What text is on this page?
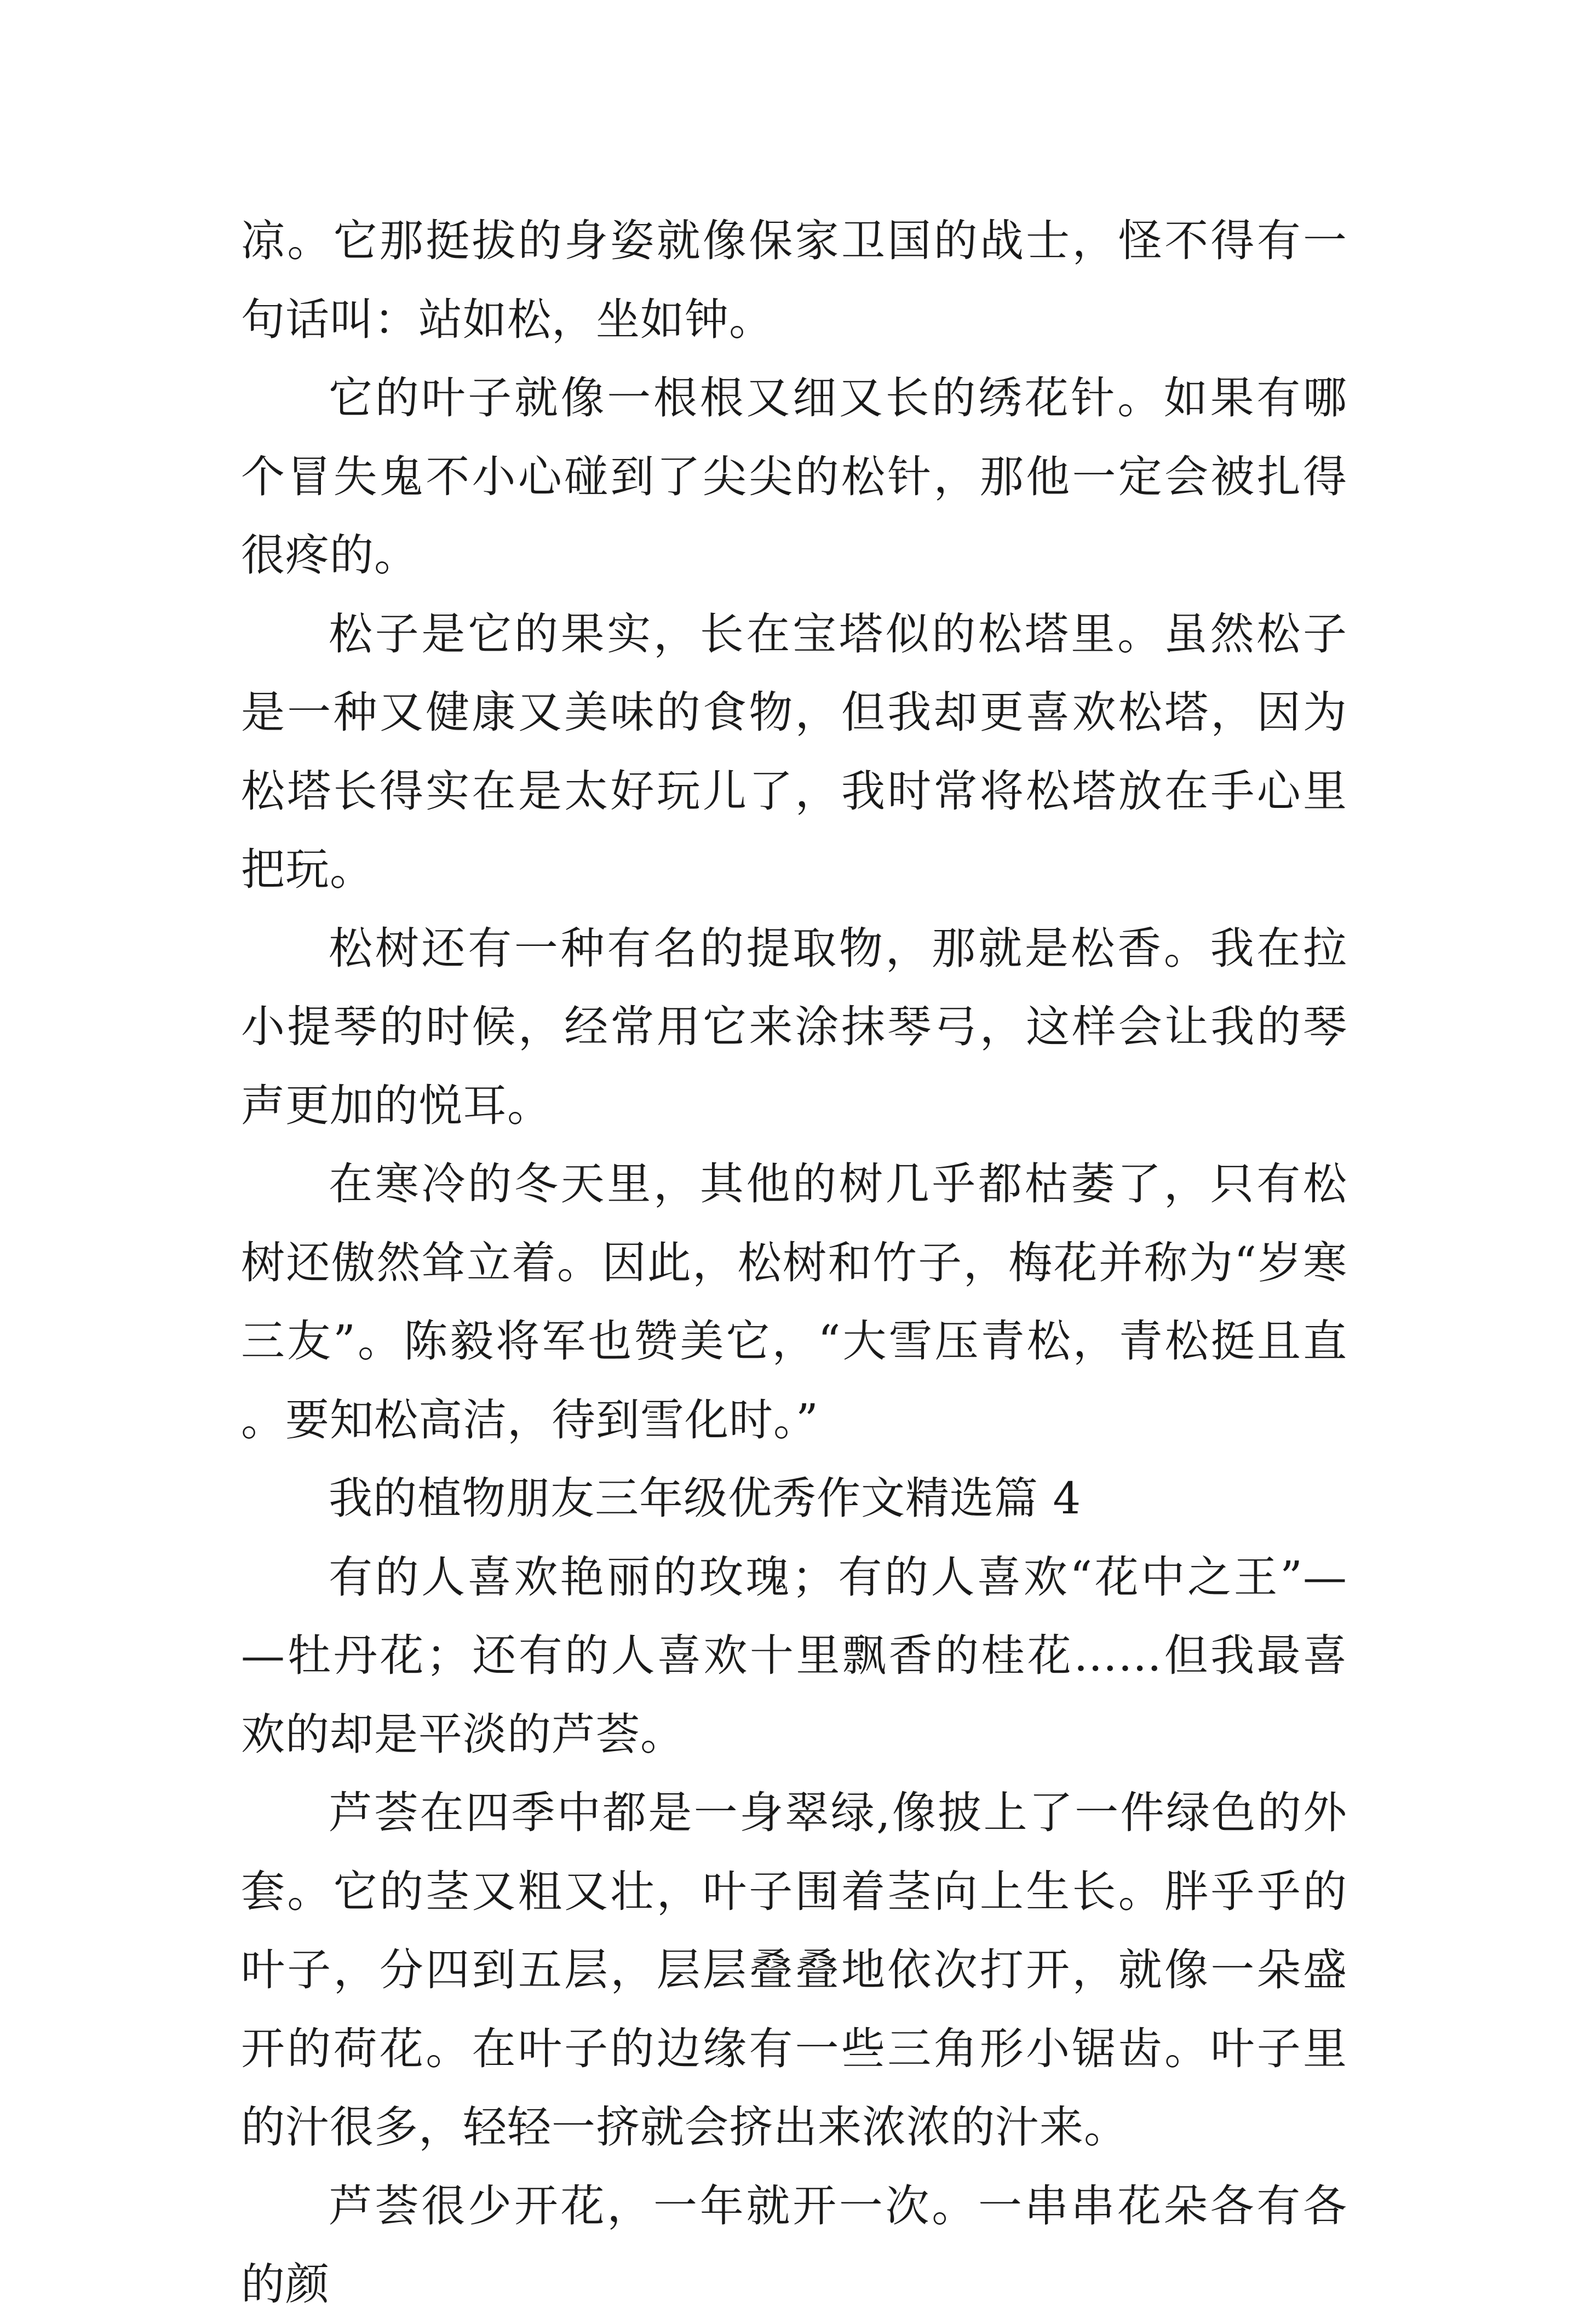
凉。它那挺拔的身姿就像保家卫国的战士，怪不得有一句话叫：站如松，坐如钟。

它的叶子就像一根根又细又长的绣花针。如果有哪个冒失鬼不小心碰到了尖尖的松针，那他一定会被扎得很疼的。

松子是它的果实，长在宝塔似的松塔里。虽然松子是一种又健康又美味的食物，但我却更喜欢松塔，因为松塔长得实在是太好玩儿了，我时常将松塔放在手心里把玩。

松树还有一种有名的提取物，那就是松香。我在拉小提琴的时候，经常用它来涂抹琴弓，这样会让我的琴声更加的悦耳。

在寒冷的冬天里，其他的树几乎都枯萎了，只有松树还傲然耸立着。因此，松树和竹子，梅花并称为“岁寒三友”。陈毅将军也赞美它，“大雪压青松，青松挺且直。要知松高洁，待到雪化时。”

我的植物朋友三年级优秀作文精选篇 4

有的人喜欢艳丽的玫瑰；有的人喜欢“花中之王”——牡丹花；还有的人喜欢十里飘香的桂花……但我最喜欢的却是平淡的芦荟。

芦荟在四季中都是一身翠绿,像披上了一件绿色的外套。它的茎又粗又壮，叶子围着茎向上生长。胖乎乎的叶子，分四到五层，层层叠叠地依次打开，就像一朵盛开的荷花。在叶子的边缘有一些三角形小锯齿。叶子里的汁很多，轻轻一挤就会挤出来浓浓的汁来。

芦荟很少开花，一年就开一次。一串串花朵各有各的颜
